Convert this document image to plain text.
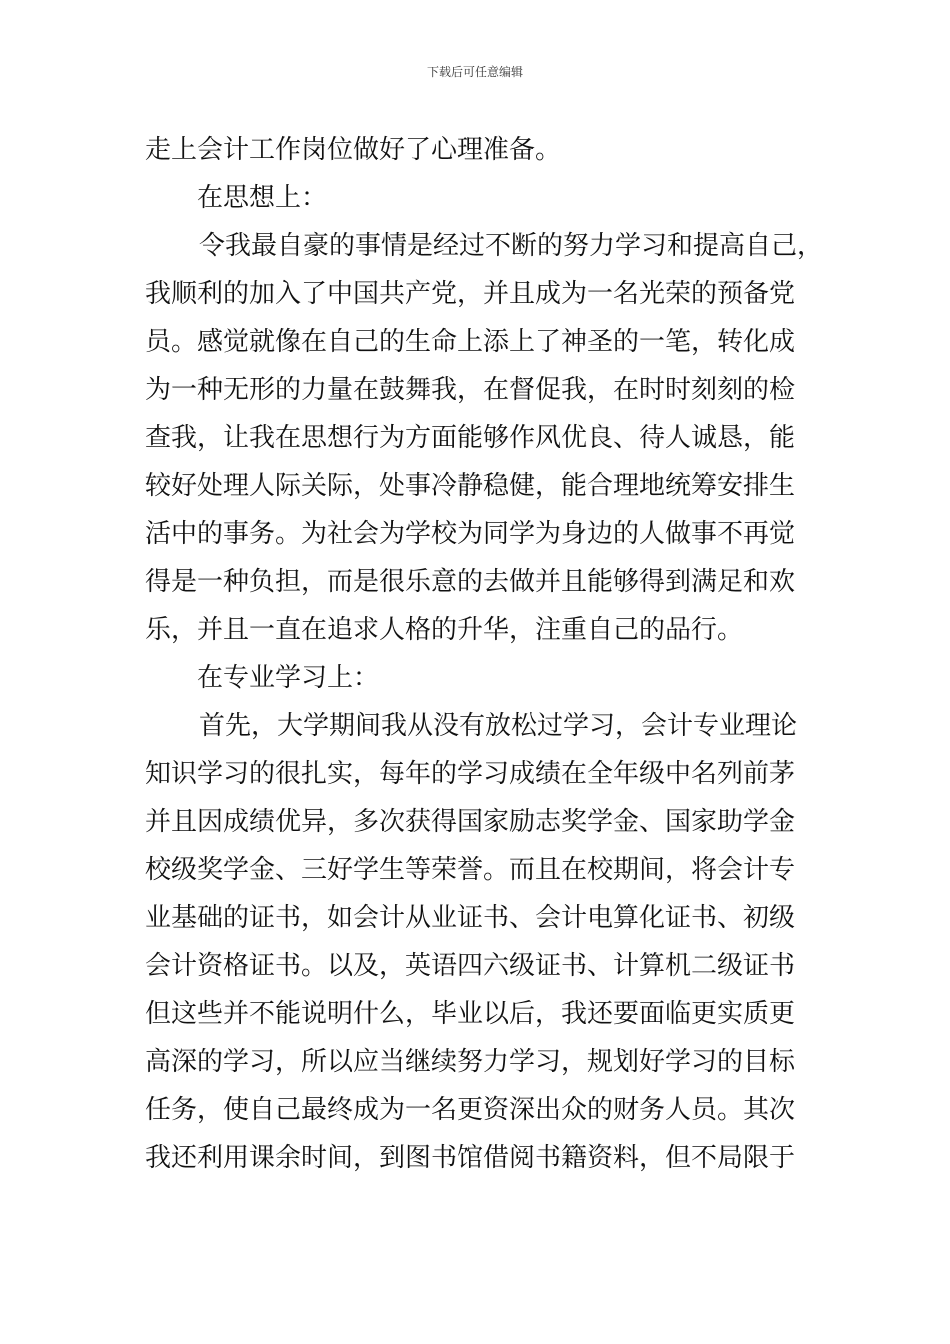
下载后可任意编辑
走上会计工作岗位做好了心理准备。
在思想上：
令我最自豪的事情是经过不断的努力学习和提高自己，
我顺利的加入了中国共产党，并且成为一名光荣的预备党
员。感觉就像在自己的生命上添上了神圣的一笔，转化成
为一种无形的力量在鼓舞我，在督促我，在时时刻刻的检
查我，让我在思想行为方面能够作风优良、待人诚恳，能
较好处理人际关际，处事冷静稳健，能合理地统筹安排生
活中的事务。为社会为学校为同学为身边的人做事不再觉
得是一种负担，而是很乐意的去做并且能够得到满足和欢
乐，并且一直在追求人格的升华，注重自己的品行。
在专业学习上：
首先，大学期间我从没有放松过学习，会计专业理论
知识学习的很扎实，每年的学习成绩在全年级中名列前茅
并且因成绩优异，多次获得国家励志奖学金、国家助学金
校级奖学金、三好学生等荣誉。而且在校期间，将会计专
业基础的证书，如会计从业证书、会计电算化证书、初级
会计资格证书。以及，英语四六级证书、计算机二级证书
但这些并不能说明什么，毕业以后，我还要面临更实质更
高深的学习，所以应当继续努力学习，规划好学习的目标
任务，使自己最终成为一名更资深出众的财务人员。其次
我还利用课余时间，到图书馆借阅书籍资料，但不局限于
